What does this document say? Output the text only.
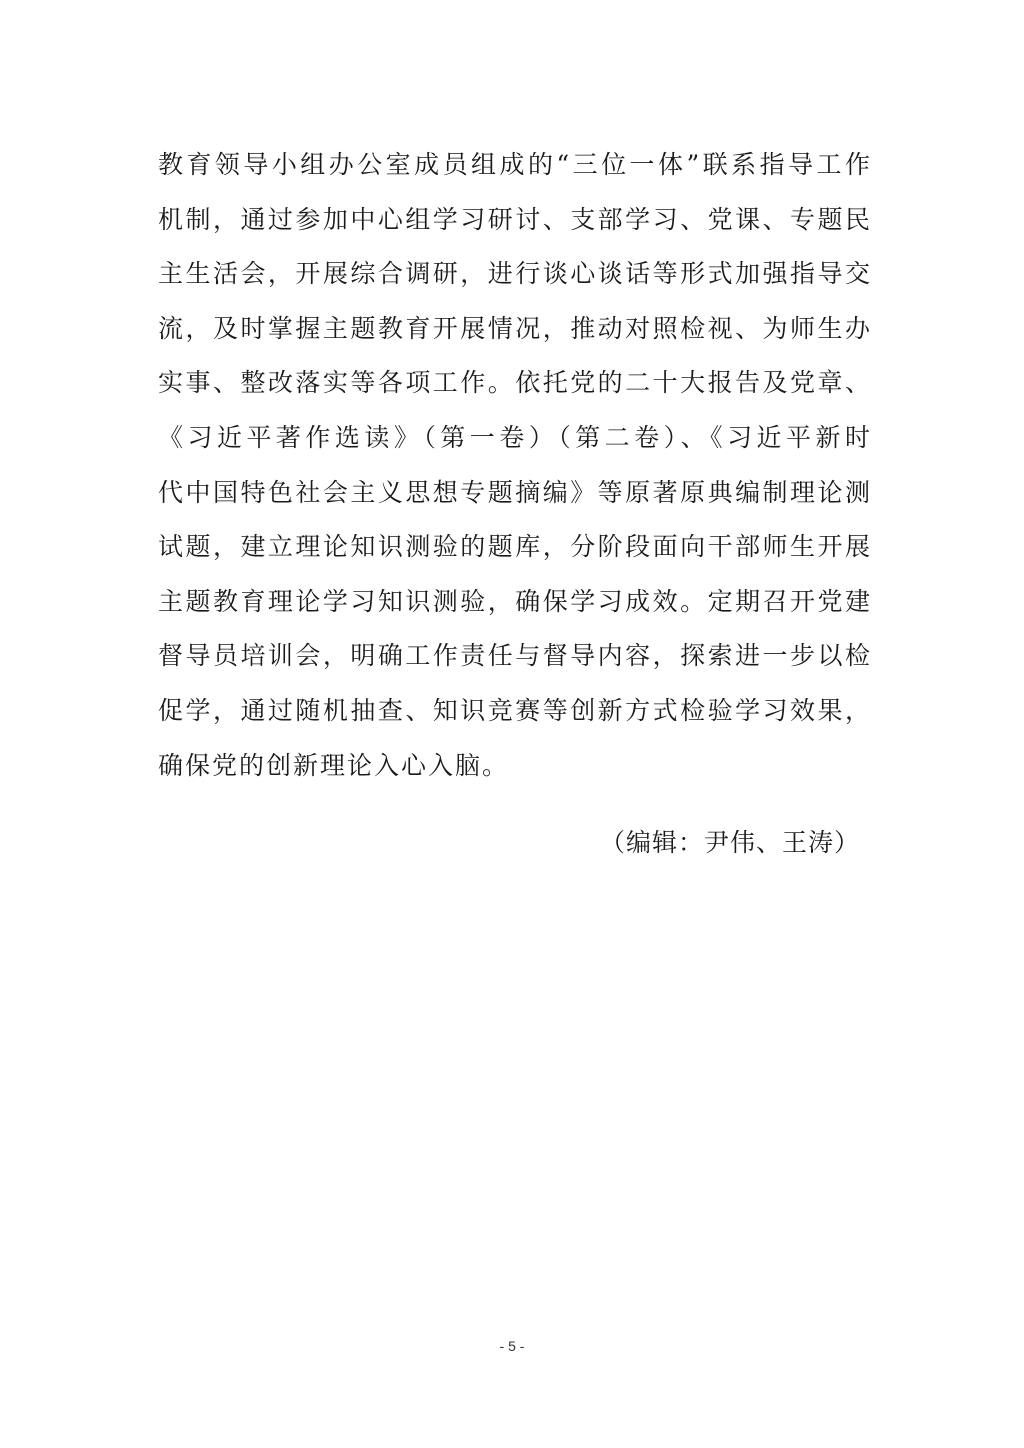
教育领导小组办公室成员组成的“三位一体”联系指导工作
机制，通过参加中心组学习研讨、支部学习、党课、专题民
主生活会，开展综合调研，进行谈心谈话等形式加强指导交
流，及时掌握主题教育开展情况，推动对照检视、为师生办
实事、整改落实等各项工作。依托党的二十大报告及党章、
《习近平著作选读》（第一卷）（第二卷）、《习近平新时
代中国特色社会主义思想专题摘编》等原著原典编制理论测
试题，建立理论知识测验的题库，分阶段面向干部师生开展
主题教育理论学习知识测验，确保学习成效。定期召开党建
督导员培训会，明确工作责任与督导内容，探索进一步以检
促学，通过随机抽查、知识竞赛等创新方式检验学习效果，
确保党的创新理论入心入脑。
（编辑：尹伟、王涛）
- 5 -
